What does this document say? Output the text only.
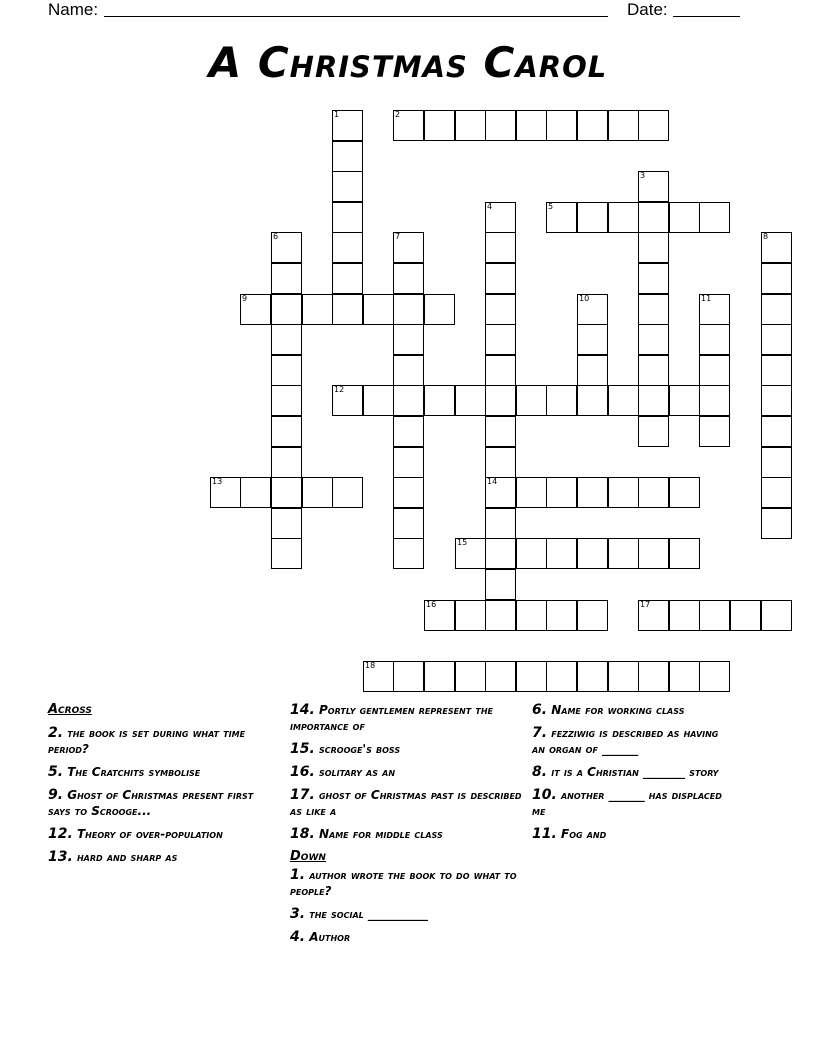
Name:	Date:
A Christmas Carol
1	2
3
4
14
5
6	7	8
9	10	11
12
13
15
16	17
18
Across
2. the book is set during what time period?
5. The Cratchits symbolise
9. Ghost of Christmas present first says to Scrooge...
12. Theory of over-population
13. hard and sharp as
14. Portly gentlemen represent the importance of
15. scrooge's boss
16. solitary as an
17. ghost of Christmas past is described as like a
18. Name for middle class
Down
1. author wrote the book to do what to people?
3. the social __________
4. Author
6. Name for working class
7. fezziwig is described as having an organ of ______
8. it is a Christian _______ story
10. another ______ has displaced me
11. Fog and
